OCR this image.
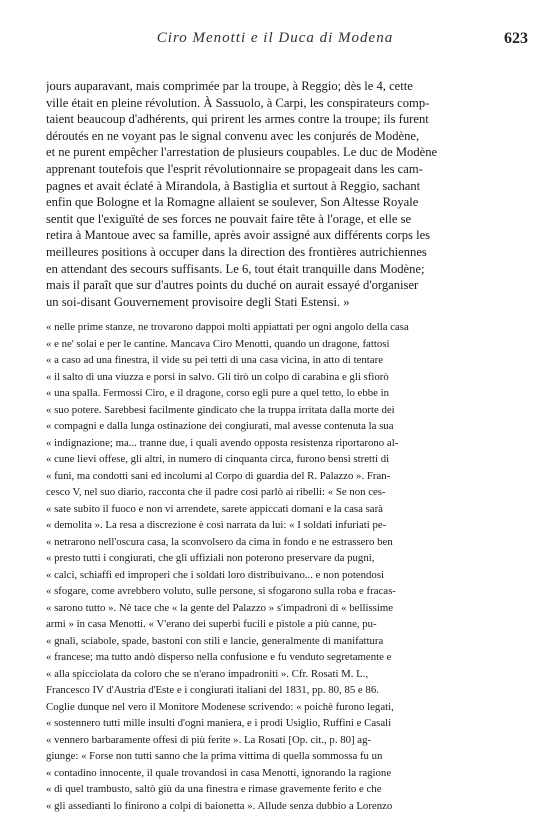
Ciro Menotti e il Duca di Modena	623
jours auparavant, mais comprimée par la troupe, à Reggio; dès le 4, cette
ville était en pleine révolution. À Sassuolo, à Carpi, les conspirateurs comp-
taient beaucoup d'adhérents, qui prirent les armes contre la troupe; ils furent
déroutés en ne voyant pas le signal convenu avec les conjurés de Modène,
et ne purent empêcher l'arrestation de plusieurs coupables. Le duc de Modène
apprenant toutefois que l'esprit révolutionnaire se propageait dans les cam-
pagnes et avait éclaté à Mirandola, à Bastiglia et surtout à Reggio, sachant
enfin que Bologne et la Romagne allaient se soulever, Son Altesse Royale
sentit que l'exiguïté de ses forces ne pouvait faire tête à l'orage, et elle se
retira à Mantoue avec sa famille, après avoir assigné aux différents corps les
meilleures positions à occuper dans la direction des frontières autrichiennes
en attendant des secours suffisants. Le 6, tout était tranquille dans Modène;
mais il paraît que sur d'autres points du duché on aurait essayé d'organiser
un soi-disant Gouvernement provisoire degli Stati Estensi. »
« nelle prime stanze, ne trovarono dappoi molti appiattati per ogni angolo della casa
« e ne' solai e per le cantine. Mancava Ciro Menotti, quando un dragone, fattosi
« a caso ad una finestra, il vide su pei tetti di una casa vicina, in atto di tentare
« il salto di una viuzza e porsi in salvo. Gli tirò un colpo di carabina e gli sfiorò
« una spalla. Fermossi Ciro, e il dragone, corso egli pure a quel tetto, lo ebbe in
« suo potere. Sarebbesi facilmente gindicato che la truppa irritata dalla morte dei
« compagni e dalla lunga ostinazione dei congiurati, mal avesse contenuta la sua
« indignazione; ma... tranne due, i quali avendo opposta resistenza riportarono al-
« cune lievi offese, gli altri, in numero di cinquanta circa, furono bensì stretti di
« funi, ma condotti sani ed incolumi al Corpo di guardia del R. Palazzo ». Fran-
cesco V, nel suo diario, racconta che il padre così parlò ai ribelli: « Se non ces-
« sate subito il fuoco e non vi arrendete, sarete appiccati domani e la casa sarà
« demolita ». La resa a discrezione è così narrata da lui: « I soldati infuriati pe-
« netrarono nell'oscura casa, la sconvolsero da cima in fondo e ne estrassero ben
« presto tutti i congiurati, che gli uffiziali non poterono preservare da pugni,
« calci, schiaffi ed improperi che i soldati loro distribuivano... e non potendosi
« sfogare, come avrebbero voluto, sulle persone, si sfogarono sulla roba e fracas-
« sarono tutto ». Nè tace che « la gente del Palazzo » s'impadronì di « bellissime
armi » in casa Menotti. « V'erano dei superbi fucili e pistole a più canne, pu-
« gnali, sciabole, spade, bastoni con stili e lancie, generalmente di manifattura
« francese; ma tutto andò disperso nella confusione e fu venduto segretamente e
« alla spicciolata da coloro che se n'erano impadroniti ». Cfr. Rosati M. L.,
Francesco IV d'Austria d'Este e i congiurati italiani del 1831, pp. 80, 85 e 86.
Coglie dunque nel vero il Monitore Modenese scrivendo: « poichè furono legati,
« sostennero tutti mille insulti d'ogni maniera, e i prodi Usiglio, Ruffini e Casali
« vennero barbaramente offesi di più ferite ». La Rosati [Op. cit., p. 80] ag-
giunge: « Forse non tutti sanno che la prima vittima di quella sommossa fu un
« contadino innocente, il quale trovandosi in casa Menotti, ignorando la ragione
« di quel trambusto, saltò giù da una finestra e rimase gravemente ferito e che
« gli assedianti lo finirono a colpi di baionetta ». Allude senza dubbio a Lorenzo
